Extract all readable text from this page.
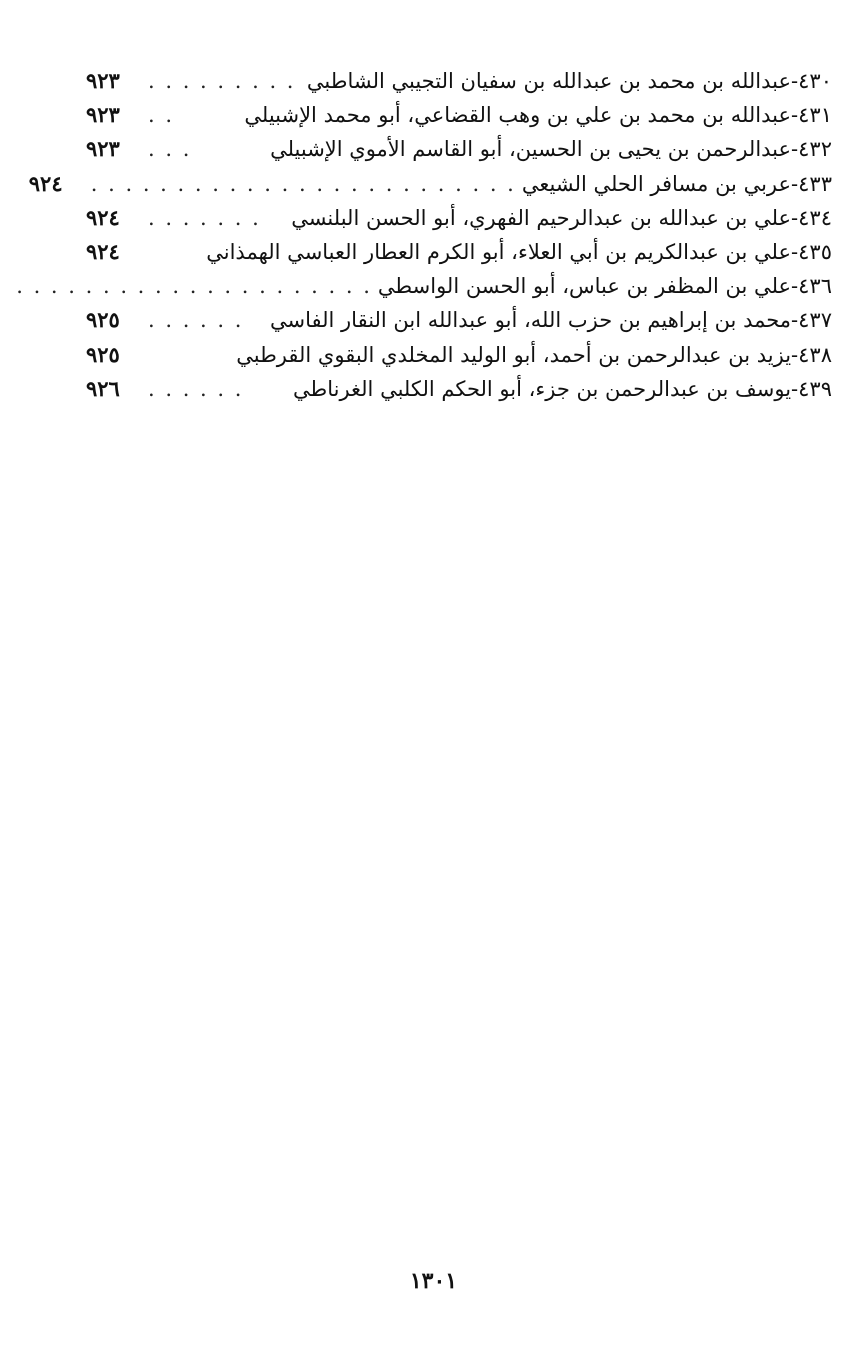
٤٣٠-
عبدالله بن محمد بن عبدالله بن سفيان التجيبي الشاطبي
. . . . . . . . .
٩٢٣
٤٣١-
عبدالله بن محمد بن علي بن وهب القضاعي، أبو محمد الإشبيلي
. .
٩٢٣
٤٣٢-
عبدالرحمن بن يحيى بن الحسين، أبو القاسم الأموي الإشبيلي
. . .
٩٢٣
٤٣٣-
عربي بن مسافر الحلي الشيعي
. . . . . . . . . . . . . . . . . . . . . . . . .
٩٢٤
٤٣٤-
علي بن عبدالله بن عبدالرحيم الفهري، أبو الحسن البلنسي
. . . . . . .
٩٢٤
٤٣٥-
علي بن عبدالكريم بن أبي العلاء، أبو الكرم العطار العباسي الهمذاني
٩٢٤
٤٣٦-
علي بن المظفر بن عباس، أبو الحسن الواسطي
. . . . . . . . . . . . . . . . . . . . .
٤٣٧-
محمد بن إبراهيم بن حزب الله، أبو عبدالله ابن النقار الفاسي
. . . . . .
٩٢٥
٤٣٨-
يزيد بن عبدالرحمن بن أحمد، أبو الوليد المخلدي البقوي القرطبي
٩٢٥
٤٣٩-
يوسف بن عبدالرحمن بن جزء، أبو الحكم الكلبي الغرناطي
. . . . . .
٩٢٦
١٣٠١
